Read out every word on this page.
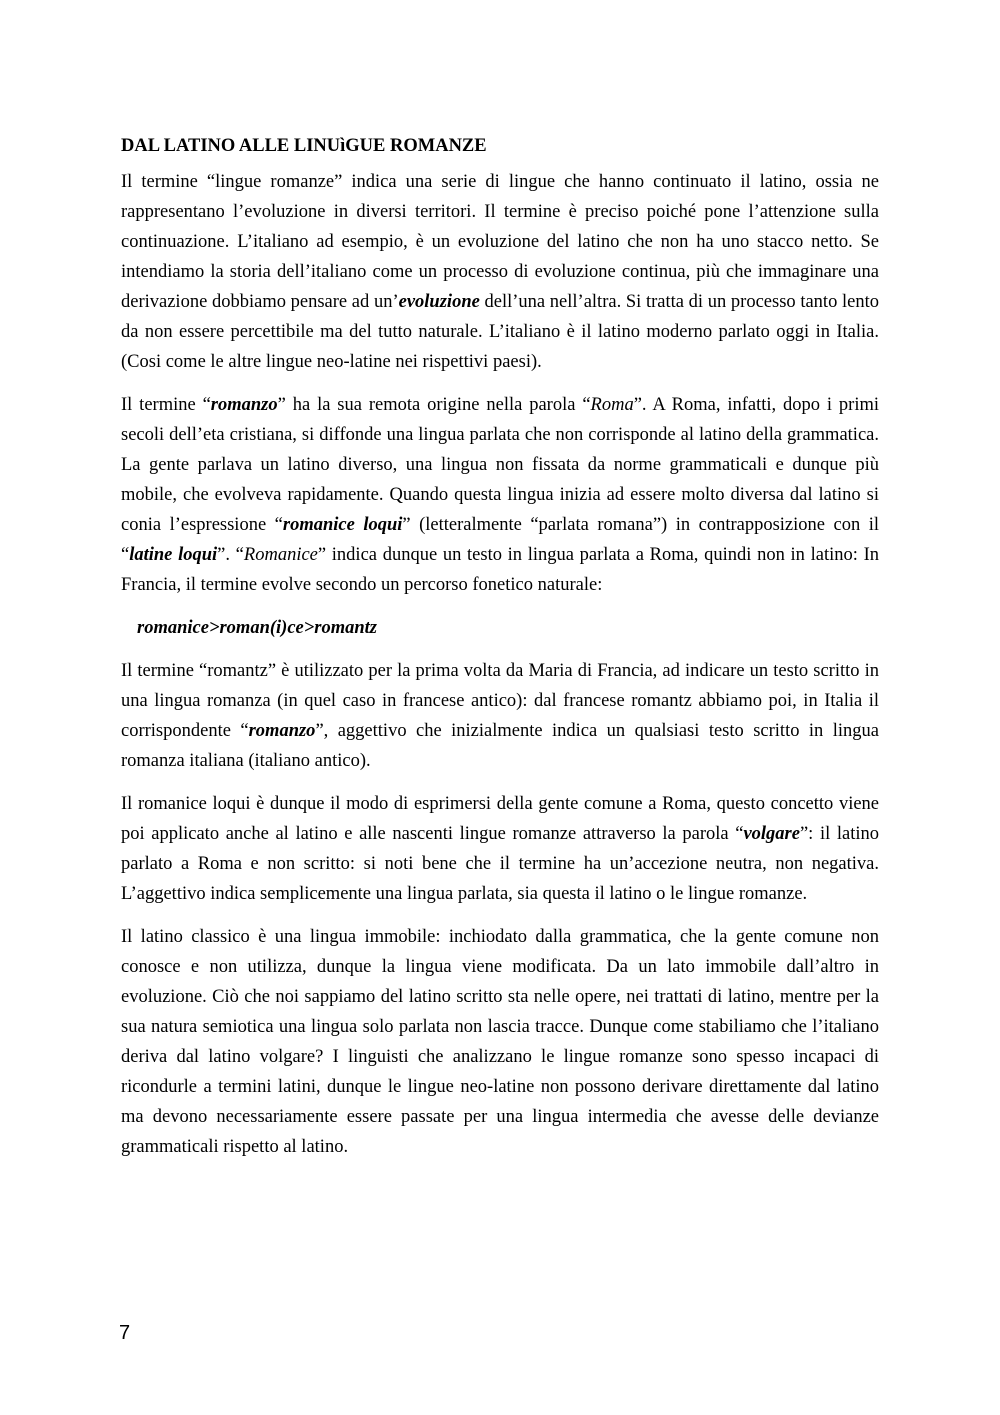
DAL LATINO ALLE LINUìGUE ROMANZE

Il termine “lingue romanze” indica una serie di lingue che hanno continuato il latino, ossia ne rappresentano l’evoluzione in diversi territori. Il termine è preciso poiché pone l’attenzione sulla continuazione. L’italiano ad esempio, è un evoluzione del latino che non ha uno stacco netto. Se intendiamo la storia dell’italiano come un processo di evoluzione continua, più che immaginare una derivazione dobbiamo pensare ad un’evoluzione dell’una nell’altra. Si tratta di un processo tanto lento da non essere percettibile ma del tutto naturale. L’italiano è il latino moderno parlato oggi in Italia. (Cosi come le altre lingue neo-latine nei rispettivi paesi).

Il termine “romanzo” ha la sua remota origine nella parola “Roma”. A Roma, infatti, dopo i primi secoli dell’eta cristiana, si diffonde una lingua parlata che non corrisponde al latino della grammatica. La gente parlava un latino diverso, una lingua non fissata da norme grammaticali e dunque più mobile, che evolveva rapidamente. Quando questa lingua inizia ad essere molto diversa dal latino si conia l’espressione “romanice loqui” (letteralmente “parlata romana”) in contrapposizione con il “latine loqui”. “Romanice” indica dunque un testo in lingua parlata a Roma, quindi non in latino: In Francia, il termine evolve secondo un percorso fonetico naturale:

romanice>roman(i)ce>romantz

Il termine “romantz” è utilizzato per la prima volta da Maria di Francia, ad indicare un testo scritto in una lingua romanza (in quel caso in francese antico): dal francese romantz abbiamo poi, in Italia il corrispondente “romanzo”, aggettivo che inizialmente indica un qualsiasi testo scritto in lingua romanza italiana (italiano antico).

Il romanice loqui è dunque il modo di esprimersi della gente comune a Roma, questo concetto viene poi applicato anche al latino e alle nascenti lingue romanze attraverso la parola “volgare”: il latino parlato a Roma e non scritto: si noti bene che il termine ha un’accezione neutra, non negativa. L’aggettivo indica semplicemente una lingua parlata, sia questa il latino o le lingue romanze.

Il latino classico è una lingua immobile: inchiodato dalla grammatica, che la gente comune non conosce e non utilizza, dunque la lingua viene modificata. Da un lato immobile dall’altro in evoluzione. Ciò che noi sappiamo del latino scritto sta nelle opere, nei trattati di latino, mentre per la sua natura semiotica una lingua solo parlata non lascia tracce. Dunque come stabiliamo che l’italiano deriva dal latino volgare? I linguisti che analizzano le lingue romanze sono spesso incapaci di ricondurle a termini latini, dunque le lingue neo-latine non possono derivare direttamente dal latino ma devono necessariamente essere passate per una lingua intermedia che avesse delle devianze grammaticali rispetto al latino.

7
